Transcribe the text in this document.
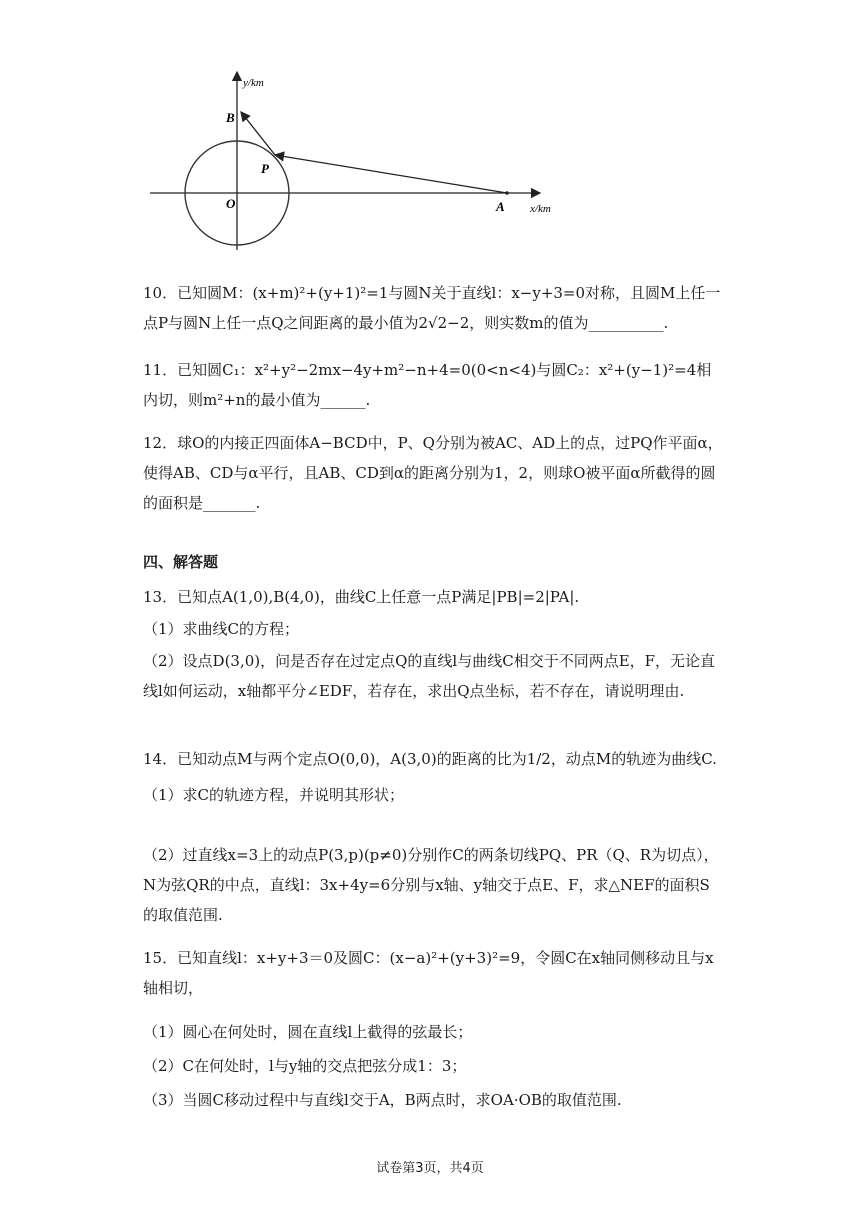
y/km
x/km
B
P
O	A
10．已知圆M：(x+m)²+(y+1)²=1与圆N关于直线l：x−y+3=0对称，且圆M上任一点P与圆N上任一点Q之间距离的最小值为2√2−2，则实数m的值为__________.
11．已知圆C₁：x²+y²−2mx−4y+m²−n+4=0(0<n<4)与圆C₂：x²+(y−1)²=4相内切，则m²+n的最小值为______.
12．球O的内接正四面体A−BCD中，P、Q分别为被AC、AD上的点，过PQ作平面α，使得AB、CD与α平行，且AB、CD到α的距离分别为1，2，则球O被平面α所截得的圆的面积是_______.
四、解答题
13．已知点A(1,0),B(4,0)，曲线C上任意一点P满足|PB|=2|PA|.
（1）求曲线C的方程；
（2）设点D(3,0)，问是否存在过定点Q的直线l与曲线C相交于不同两点E，F，无论直线l如何运动，x轴都平分∠EDF，若存在，求出Q点坐标，若不存在，请说明理由.
14．已知动点M与两个定点O(0,0)，A(3,0)的距离的比为1/2，动点M的轨迹为曲线C.
（1）求C的轨迹方程，并说明其形状；
（2）过直线x=3上的动点P(3,p)(p≠0)分别作C的两条切线PQ、PR（Q、R为切点），N为弦QR的中点，直线l：3x+4y=6分别与x轴、y轴交于点E、F，求△NEF的面积S的取值范围.
15．已知直线l：x+y+3＝0及圆C：(x−a)²+(y+3)²=9，令圆C在x轴同侧移动且与x轴相切，
（1）圆心在何处时，圆在直线l上截得的弦最长；
（2）C在何处时，l与y轴的交点把弦分成1：3；
（3）当圆C移动过程中与直线l交于A，B两点时，求OA·OB的取值范围.
试卷第3页，共4页
